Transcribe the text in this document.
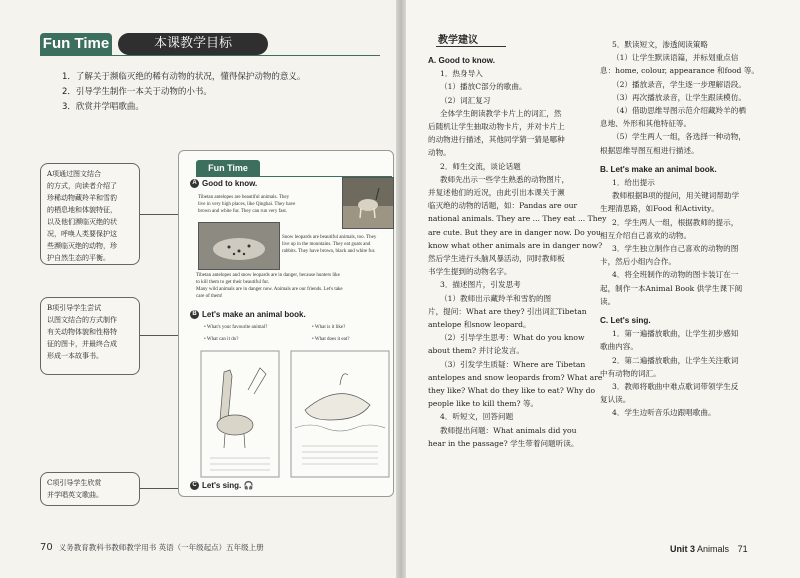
Fun Time	本课教学目标
1．了解关于濒临灭绝的稀有动物的状况，懂得保护动物的意义。
2．引导学生制作一本关于动物的小书。
3．欣赏并学唱歌曲。
A项通过图文结合
的方式，向读者介绍了
珍稀动物藏羚羊和雪豹
的栖息地和体貌特征，
以及他们濒临灭绝的状
况，呼唤人类要保护这
些濒临灭绝的动物，珍
护自然生态的平衡。
B项引导学生尝试
以图文结合的方式制作
有关动物体貌和性格特
征的图卡，并最终合成
形成一本故事书。
C项引导学生欣赏
并学唱英文歌曲。
Fun Time
A Good to know.
Tibetan antelopes are beautiful animals. They
live in very high places, like Qinghai. They have
brown and white fur. They can run very fast.
Snow leopards are beautiful animals, too. They
live up in the mountains. They eat goats and
rabbits. They have brown, black and white fur.
Tibetan antelopes and snow leopards are in danger, because hunters like
to kill them to get their beautiful fur.
Many wild animals are in danger now. Animals are our friends. Let's take
care of them!
B Let's make an animal book.
• What's your favourite animal?	• What is it like?
• What can it do?	• What does it eat?
C Let's sing. 🎧
70 义务教育教科书教师教学用书 英语（一年级起点）五年级上册
教学建议
A. Good to know.
1．热身导入
（1）播放C部分的歌曲。
（2）词汇复习
全体学生朗读教学卡片上的词汇，然
后随机让学生抽取动物卡片，并对卡片上
的动物进行描述，其他同学猜一猜是哪种
动物。
2．师生交流，谈论话题
教师先出示一些学生熟悉的动物图片，
并复述他们的近况，由此引出本课关于濒
临灭绝的动物的话题，如：Pandas are our
national animals. They are ... They eat ... They
are cute. But they are in danger now. Do you
know what other animals are in danger now?
然后学生进行头脑风暴活动，同时教师板
书学生提到的动物名字。
3．描述图片，引发思考
（1）教师出示藏羚羊和雪豹的图
片，提问：What are they? 引出词汇Tibetan
antelope 和snow leopard。
（2）引导学生思考：What do you know
about them? 并讨论发言。
（3）引发学生质疑：Where are Tibetan
antelopes and snow leopards from? What are
they like? What do they like to eat? Why do
people like to kill them? 等。
4．听短文，回答问题
教师提出问题：What animals did you
hear in the passage? 学生带着问题听读。
5．默读短文，渗透阅读策略
（1）让学生默读语篇，并标划重点信
息：home, colour, appearance 和food 等。
（2）播放录音，学生逐一步理解语段。
（3）再次播放录音，让学生跟读模仿。
（4）借助思维导图示范介绍藏羚羊的栖
息地、外形和其他特征等。
（5）学生两人一组，各选择一种动物，
根据思维导图互相进行描述。
B. Let's make an animal book.
1．给出提示
教师根据B项的提问，用关键词帮助学
生理清思路，如Food 和Activity。
2．学生两人一组，根据教师的提示，
相互介绍自己喜欢的动物。
3．学生独立制作自己喜欢的动物的图
卡，然后小组内合作。
4．将全班制作的动物的图卡装订在一
起，制作一本Animal Book 供学生课下阅
读。
C. Let's sing.
1．第一遍播放歌曲，让学生初步感知
歌曲内容。
2．第二遍播放歌曲，让学生关注歌词
中有动物的词汇。
3．教师将歌曲中难点歌词带领学生反
复认读。
4．学生边听音乐边跟唱歌曲。
Unit 3 Animals 71
